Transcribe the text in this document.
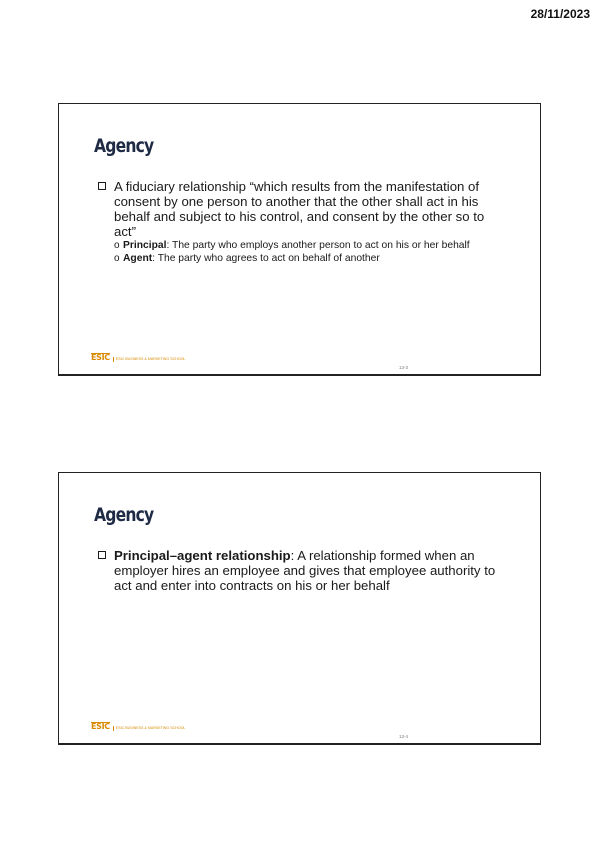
28/11/2023
Agency
A fiduciary relationship “which results from the manifestation of consent by one person to another that the other shall act in his behalf and subject to his control, and consent by the other so to act”
o Principal: The party who employs another person to act on his or her behalf
o Agent: The party who agrees to act on behalf of another
ESIC	ESIC BUSINESS & MARKETING SCHOOL
13-3
Agency
Principal–agent relationship: A relationship formed when an employer hires an employee and gives that employee authority to act and enter into contracts on his or her behalf
ESIC	ESIC BUSINESS & MARKETING SCHOOL
13-4
